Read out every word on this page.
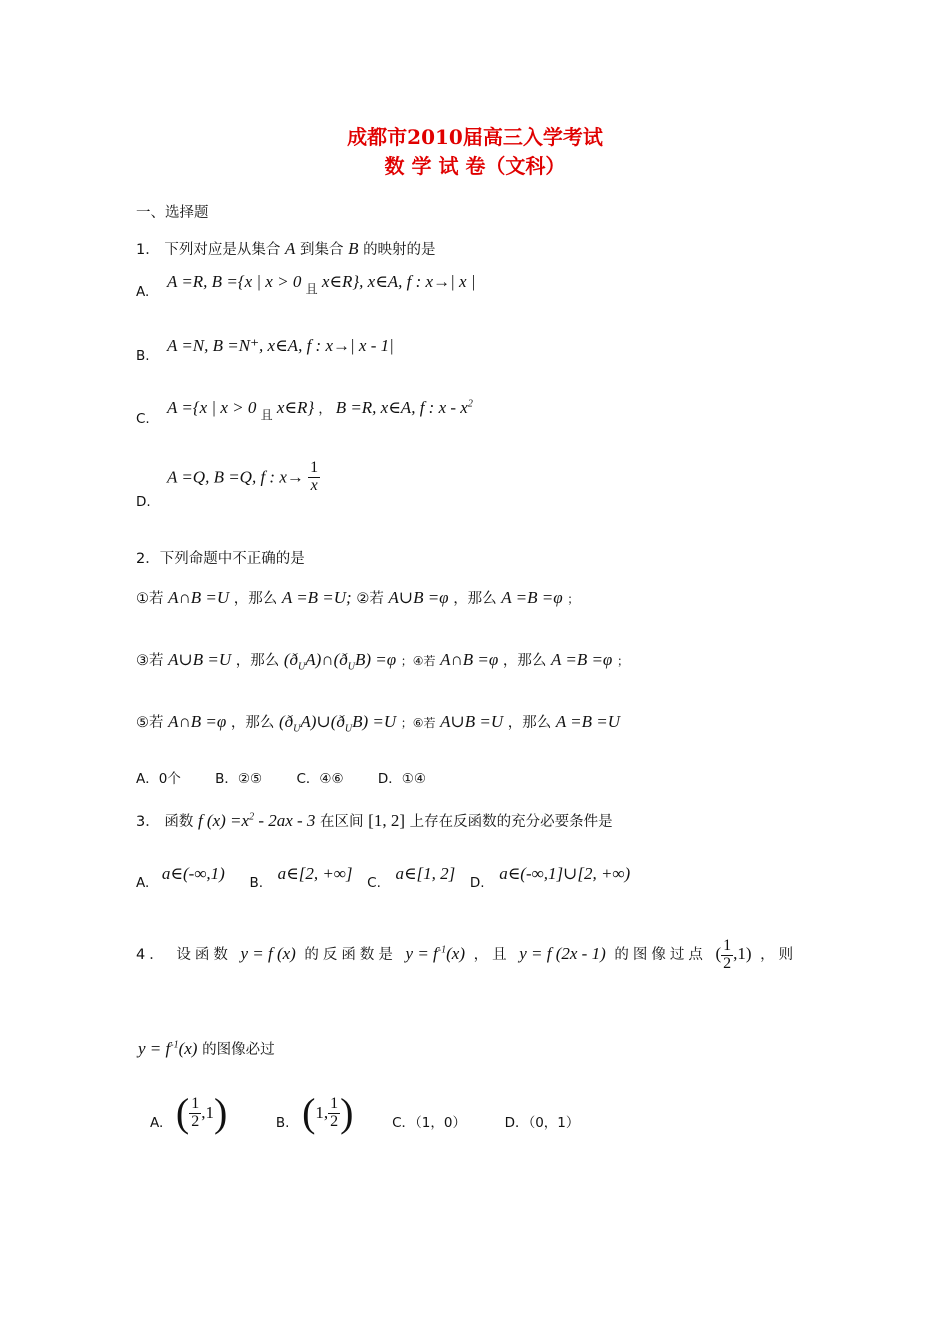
成都市2010届高三入学考试
数 学 试 卷（文科）
一、选择题
1． 下列对应是从集合 A 到集合 B 的映射的是
A.
A =R, B ={x | x > 0 $_且$ x∈R}, x∈A, f : x→| x |
B.
A =N, B =N⁺, x∈A, f : x→| x - 1|
C.
A ={x | x > 0 $_且$ x∈R} ， B =R, x∈A, f : x - $x^2$
D.
A =Q, B =Q, f : $x\to \frac{1}{x}$
2．下列命题中不正确的是
①若 A∩B =U ，那么 A =B =U; ②若 A∪B =φ ，那么 A =B =φ ；
③若 A∪B =U ，那么 $(ð_UA)\cap(ð_UB) =\varphi$ ；④若 A∩B =φ ，那么 A =B =φ ；
⑤若 A∩B =φ ，那么 $(ð_UA)\cup(ð_UB) =U$ ；⑥若 A∪B =U ，那么 A =B =U
A．0个        B．②⑤        C．④⑥        D．①④
3． 函数 f $(x) =x^2 - 2ax - 3$ 在区间 [1, 2] 上存在反函数的充分必要条件是
A. a∈(-∞,1) B. a∈[2, +∞] C. a∈[1, 2] D. a∈(-∞,1]∪[2, +∞)
4． 设函数 y = f (x) 的反函数是 $y = f^{-1}(x)$ ，且 y = f (2x - 1) 的图像过点 ( $\frac{1}{2} ,1$) ，则
$y = f^{-1}(x)$ 的图像必过
A. ( $\frac{1}{2} ,1$)	B. (1, $\frac{1}{2}$ )	C．（1，0）	D．（0，1）
